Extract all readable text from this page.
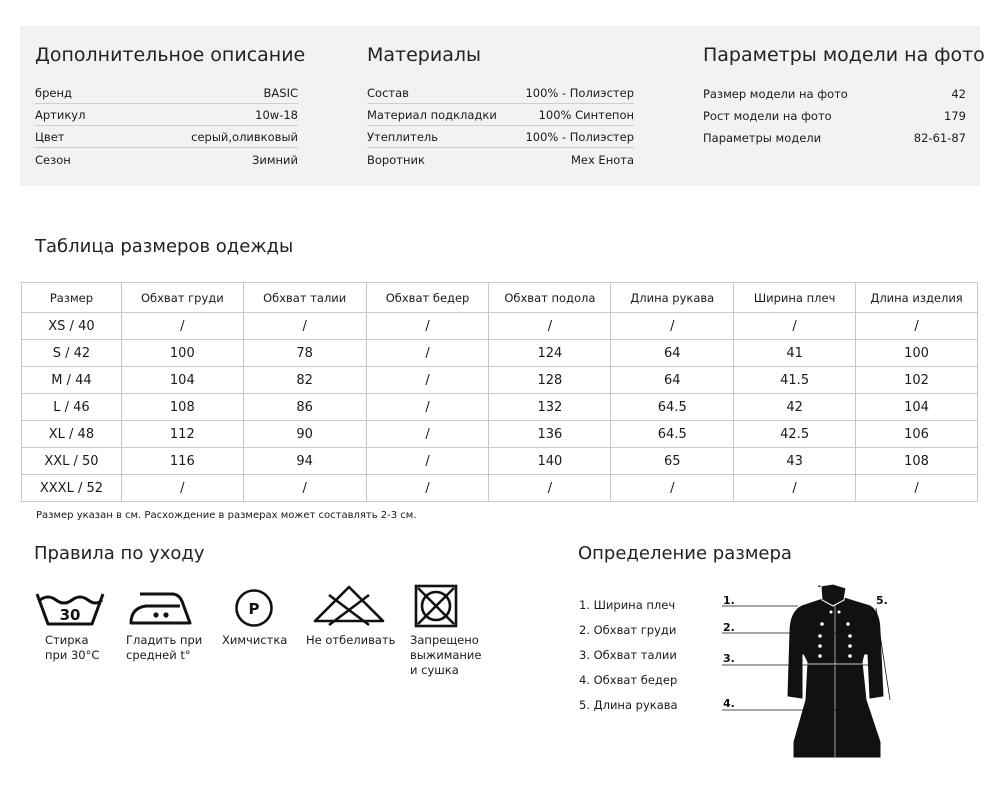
Дополнительное описание
бренд	BASIC
Артикул	10w-18
Цвет	серый,оливковый
Сезон	Зимний
Материалы
Состав	100% - Полиэстер
Материал подкладки	100% Синтепон
Утеплитель	100% - Полиэстер
Воротник	Мех Енота
Параметры модели на фото
Размер модели на фото	42
Рост модели на фото	179
Параметры модели	82-61-87
Таблица размеров одежды
Размер	Обхват груди	Обхват талии	Обхват бедер	Обхват подола	Длина рукава	Ширина плеч	Длина изделия
XS / 40	/	/	/	/	/	/	/
S / 42	100	78	/	124	64	41	100
M / 44	104	82	/	128	64	41.5	102
L / 46	108	86	/	132	64.5	42	104
XL / 48	112	90	/	136	64.5	42.5	106
XXL / 50	116	94	/	140	65	43	108
XXXL / 52	/	/	/	/	/	/	/
Размер указан в см. Расхождение в размерах может составлять 2-3 см.
Правила по уходу
30
Стирка
при 30°С
Гладить при
средней t°
P
Химчистка Не отбеливать Запрещено
выжимание
и сушка
Определение размера
1. Ширина плеч
2. Обхват груди
3. Обхват талии
4. Обхват бедер
5. Длина рукава
1.
2.
3.
4.
5.
